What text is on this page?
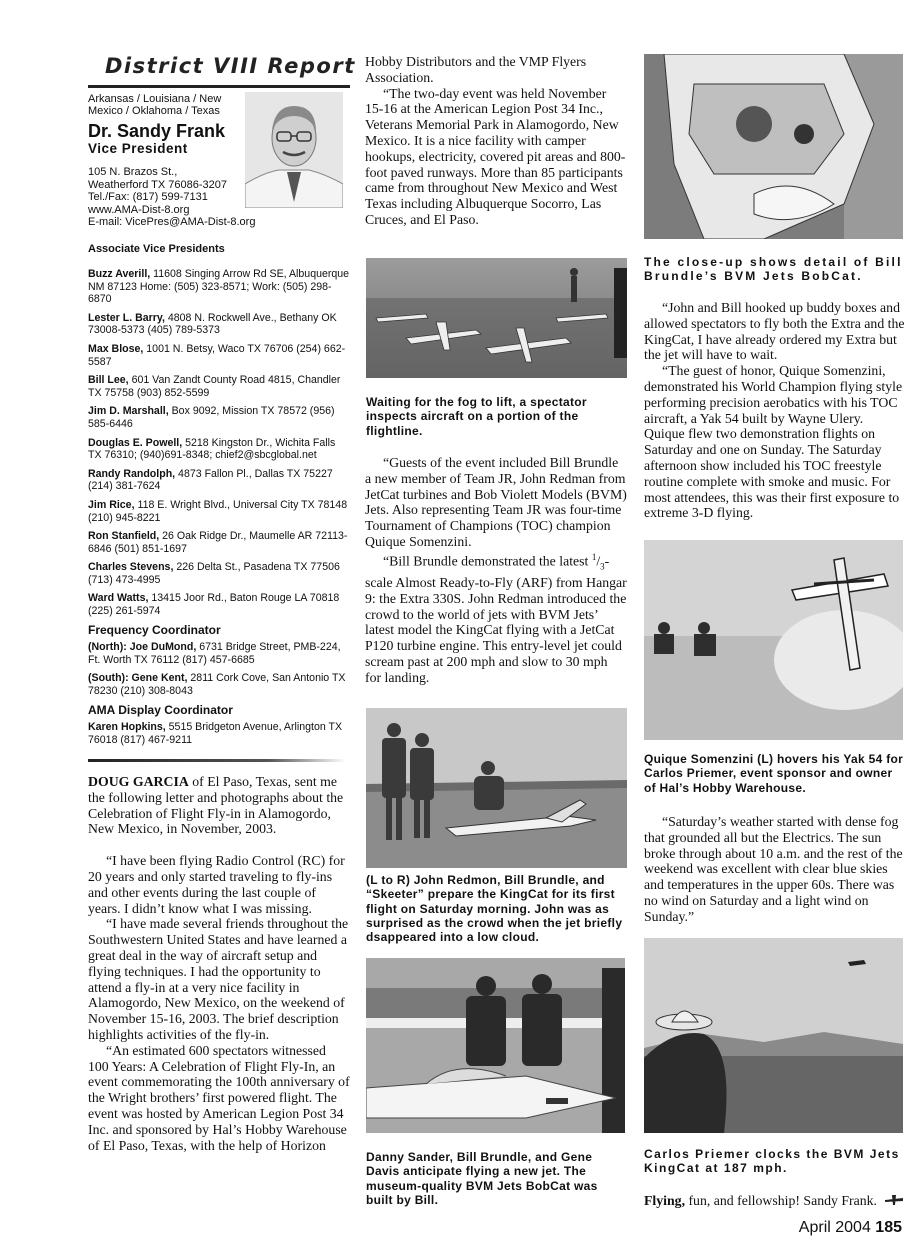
District VIII Report
Arkansas / Louisiana / New Mexico / Oklahoma / Texas
Dr. Sandy Frank
Vice President
105 N. Brazos St.,
Weatherford TX 76086-3207
Tel./Fax: (817) 599-7131
www.AMA-Dist-8.org
E-mail: VicePres@AMA-Dist-8.org
Associate Vice Presidents
Buzz Averill, 11608 Singing Arrow Rd SE, Albuquerque NM 87123 Home: (505) 323-8571; Work: (505) 298-6870
Lester L. Barry, 4808 N. Rockwell Ave., Bethany OK 73008-5373 (405) 789-5373
Max Blose, 1001 N. Betsy, Waco TX 76706 (254) 662-5587
Bill Lee, 601 Van Zandt County Road 4815, Chandler TX 75758 (903) 852-5599
Jim D. Marshall, Box 9092, Mission TX 78572 (956) 585-6446
Douglas E. Powell, 5218 Kingston Dr., Wichita Falls TX 76310; (940)691-8348; chief2@sbcglobal.net
Randy Randolph, 4873 Fallon Pl., Dallas TX 75227 (214) 381-7624
Jim Rice, 118 E. Wright Blvd., Universal City TX 78148 (210) 945-8221
Ron Stanfield, 26 Oak Ridge Dr., Maumelle AR 72113-6846 (501) 851-1697
Charles Stevens, 226 Delta St., Pasadena TX 77506 (713) 473-4995
Ward Watts, 13415 Joor Rd., Baton Rouge LA 70818 (225) 261-5974
Frequency Coordinator
(North): Joe DuMond, 6731 Bridge Street, PMB-224, Ft. Worth TX 76112 (817) 457-6685
(South): Gene Kent, 2811 Cork Cove, San Antonio TX 78230 (210) 308-8043
AMA Display Coordinator
Karen Hopkins, 5515 Bridgeton Avenue, Arlington TX 76018 (817) 467-9211

DOUG GARCIA of El Paso, Texas, sent me the following letter and photographs about the Celebration of Flight Fly-in in Alamogordo, New Mexico, in November, 2003.

“I have been flying Radio Control (RC) for 20 years and only started traveling to fly-ins and other events during the last couple of years. I didn’t know what I was missing.

“I have made several friends throughout the Southwestern United States and have learned a great deal in the way of aircraft setup and flying techniques. I had the opportunity to attend a fly-in at a very nice facility in Alamogordo, New Mexico, on the weekend of November 15-16, 2003. The brief description highlights activities of the fly-in.

“An estimated 600 spectators witnessed 100 Years: A Celebration of Flight Fly-In, an event commemorating the 100th anniversary of the Wright brothers’ first powered flight. The event was hosted by American Legion Post 34 Inc. and sponsored by Hal’s Hobby Warehouse of El Paso, Texas, with the help of Horizon

Hobby Distributors and the VMP Flyers Association.

“The two-day event was held November 15-16 at the American Legion Post 34 Inc., Veterans Memorial Park in Alamogordo, New Mexico. It is a nice facility with camper hookups, electricity, covered pit areas and 800-foot paved runways. More than 85 participants came from throughout New Mexico and West Texas including Albuquerque Socorro, Las Cruces, and El Paso.

Waiting for the fog to lift, a spectator inspects aircraft on a portion of the flightline.

“Guests of the event included Bill Brundle a new member of Team JR, John Redman from JetCat turbines and Bob Violett Models (BVM) Jets. Also representing Team JR was four-time Tournament of Champions (TOC) champion Quique Somenzini.

“Bill Brundle demonstrated the latest $^1/_3$-scale Almost Ready-to-Fly (ARF) from Hangar 9: the Extra 330S. John Redman introduced the crowd to the world of jets with BVM Jets’ latest model the KingCat flying with a JetCat P120 turbine engine. This entry-level jet could scream past at 200 mph and slow to 30 mph for landing.

(L to R) John Redmon, Bill Brundle, and “Skeeter” prepare the KingCat for its first flight on Saturday morning. John was as surprised as the crowd when the jet briefly dsappeared into a low cloud.
Danny Sander, Bill Brundle, and Gene Davis anticipate flying a new jet. The museum-quality BVM Jets BobCat was built by Bill.
The close-up shows detail of Bill Brundle’s BVM Jets BobCat.

“John and Bill hooked up buddy boxes and allowed spectators to fly both the Extra and the KingCat, I have already ordered my Extra but the jet will have to wait.

“The guest of honor, Quique Somenzini, demonstrated his World Champion flying style performing precision aerobatics with his TOC aircraft, a Yak 54 built by Wayne Ulery. Quique flew two demonstration flights on Saturday and one on Sunday. The Saturday afternoon show included his TOC freestyle routine complete with smoke and music. For most attendees, this was their first exposure to extreme 3-D flying.

Quique Somenzini (L) hovers his Yak 54 for Carlos Priemer, event sponsor and owner of Hal’s Hobby Warehouse.

“Saturday’s weather started with dense fog that grounded all but the Electrics. The sun broke through about 10 a.m. and the rest of the weekend was excellent with clear blue skies and temperatures in the upper 60s. There was no wind on Saturday and a light wind on Sunday.”

Carlos Priemer clocks the BVM Jets KingCat at 187 mph.
Flying, fun, and fellowship! Sandy Frank.
April 2004 185
